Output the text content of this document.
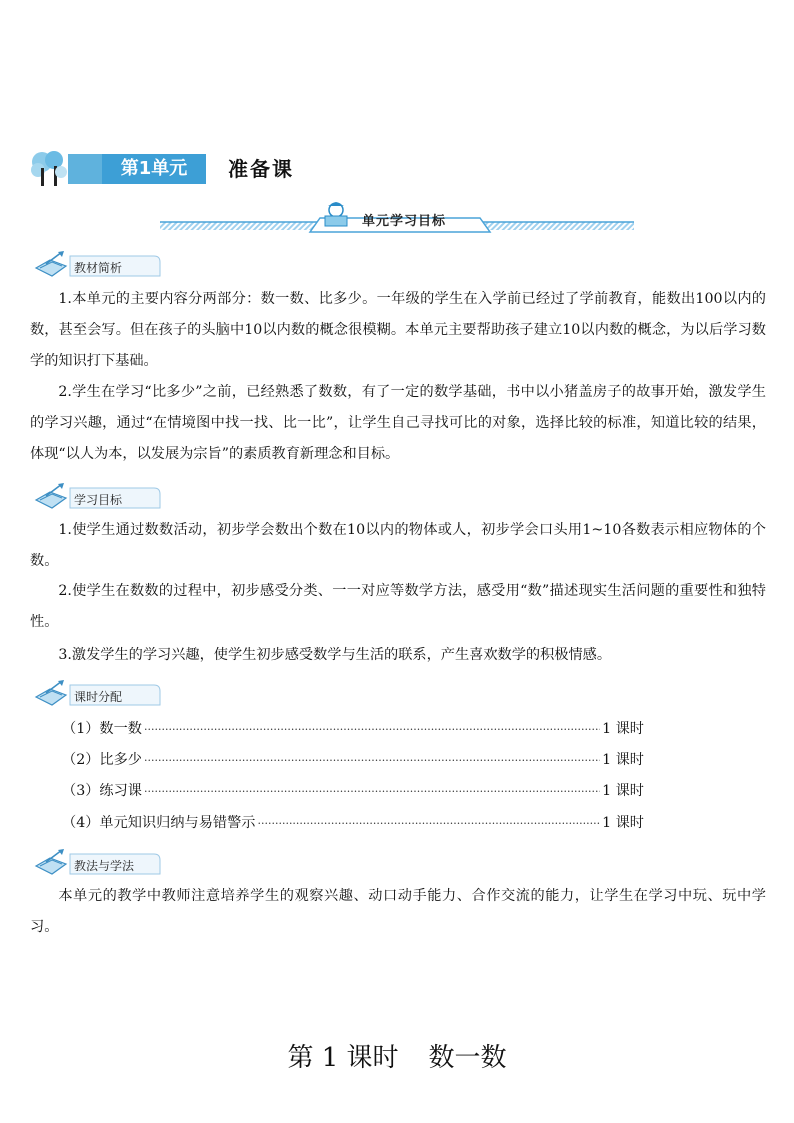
第1单元	准备课
单元学习目标
教材简析
1.本单元的主要内容分两部分：数一数、比多少。一年级的学生在入学前已经过了学前教育，能数出100以内的数，甚至会写。但在孩子的头脑中10以内数的概念很模糊。本单元主要帮助孩子建立10以内数的概念，为以后学习数学的知识打下基础。
2.学生在学习“比多少”之前，已经熟悉了数数，有了一定的数学基础，书中以小猪盖房子的故事开始，激发学生的学习兴趣，通过“在情境图中找一找、比一比”，让学生自己寻找可比的对象，选择比较的标准，知道比较的结果，体现“以人为本，以发展为宗旨”的素质教育新理念和目标。
学习目标
1.使学生通过数数活动，初步学会数出个数在10以内的物体或人，初步学会口头用1~10各数表示相应物体的个数。
2.使学生在数数的过程中，初步感受分类、一一对应等数学方法，感受用“数”描述现实生活问题的重要性和独特性。
3.激发学生的学习兴趣，使学生初步感受数学与生活的联系，产生喜欢数学的积极情感。
课时分配
（1）数一数 ·····	1 课时
（2）比多少 ·····	1 课时
（3）练习课 ·····	1 课时
（4）单元知识归纳与易错警示 ·····	1 课时
教法与学法
本单元的教学中教师注意培养学生的观察兴趣、动口动手能力、合作交流的能力，让学生在学习中玩、玩中学习。
第 1 课时 数一数
